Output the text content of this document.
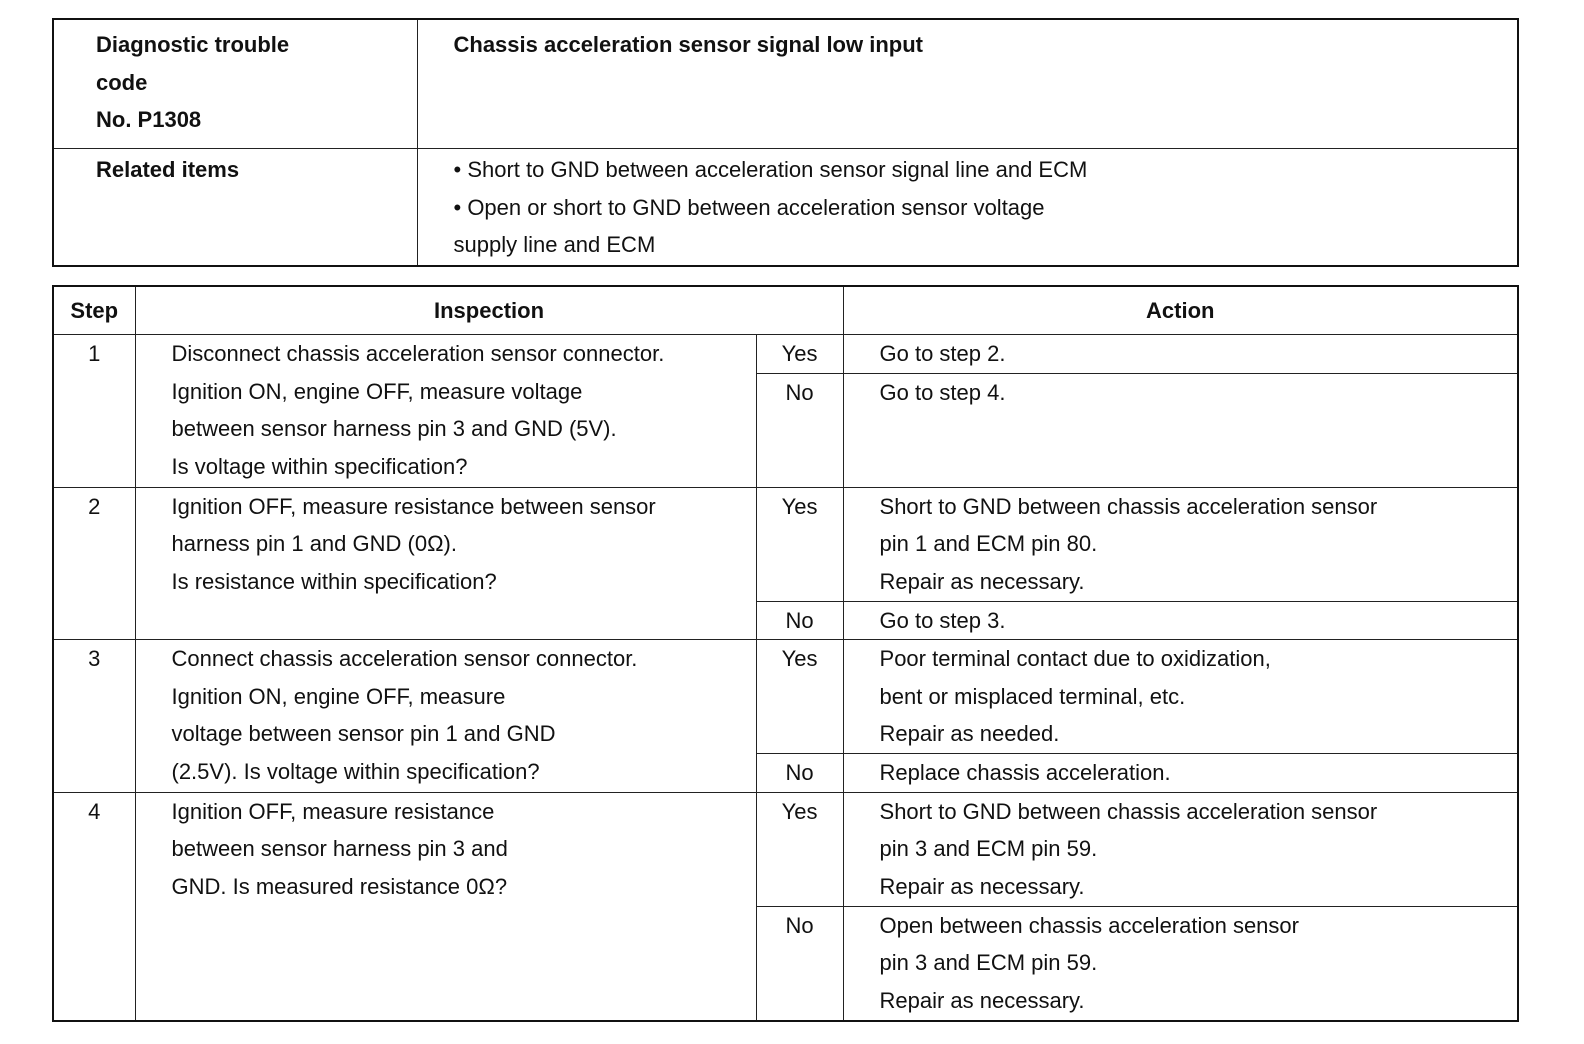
Diagnostic trouble
code
No. P1308	Chassis acceleration sensor signal low input

Related items	• Short to GND between acceleration sensor signal line and ECM
• Open or short to GND between acceleration sensor voltage
supply line and ECM
Step	Inspection		Action
1	Disconnect chassis acceleration sensor connector.
Ignition ON, engine OFF, measure voltage
between sensor harness pin 3 and GND (5V).
Is voltage within specification?	Yes	Go to step 2.

		No	Go to step 4.

2	Ignition OFF, measure resistance between sensor
harness pin 1 and GND (0Ω).
Is resistance within specification?	Yes	Short to GND between chassis acceleration sensor
pin 1 and ECM pin 80.
Repair as necessary.

		No	Go to step 3.

3	Connect chassis acceleration sensor connector.
Ignition ON, engine OFF, measure
voltage between sensor pin 1 and GND
(2.5V). Is voltage within specification?	Yes	Poor terminal contact due to oxidization,
bent or misplaced terminal, etc.
Repair as needed.

		No	Replace chassis acceleration.

4	Ignition OFF, measure resistance
between sensor harness pin 3 and
GND. Is measured resistance 0Ω?	Yes	Short to GND between chassis acceleration sensor
pin 3 and ECM pin 59.
Repair as necessary.

		No	Open between chassis acceleration sensor
pin 3 and ECM pin 59.
Repair as necessary.
